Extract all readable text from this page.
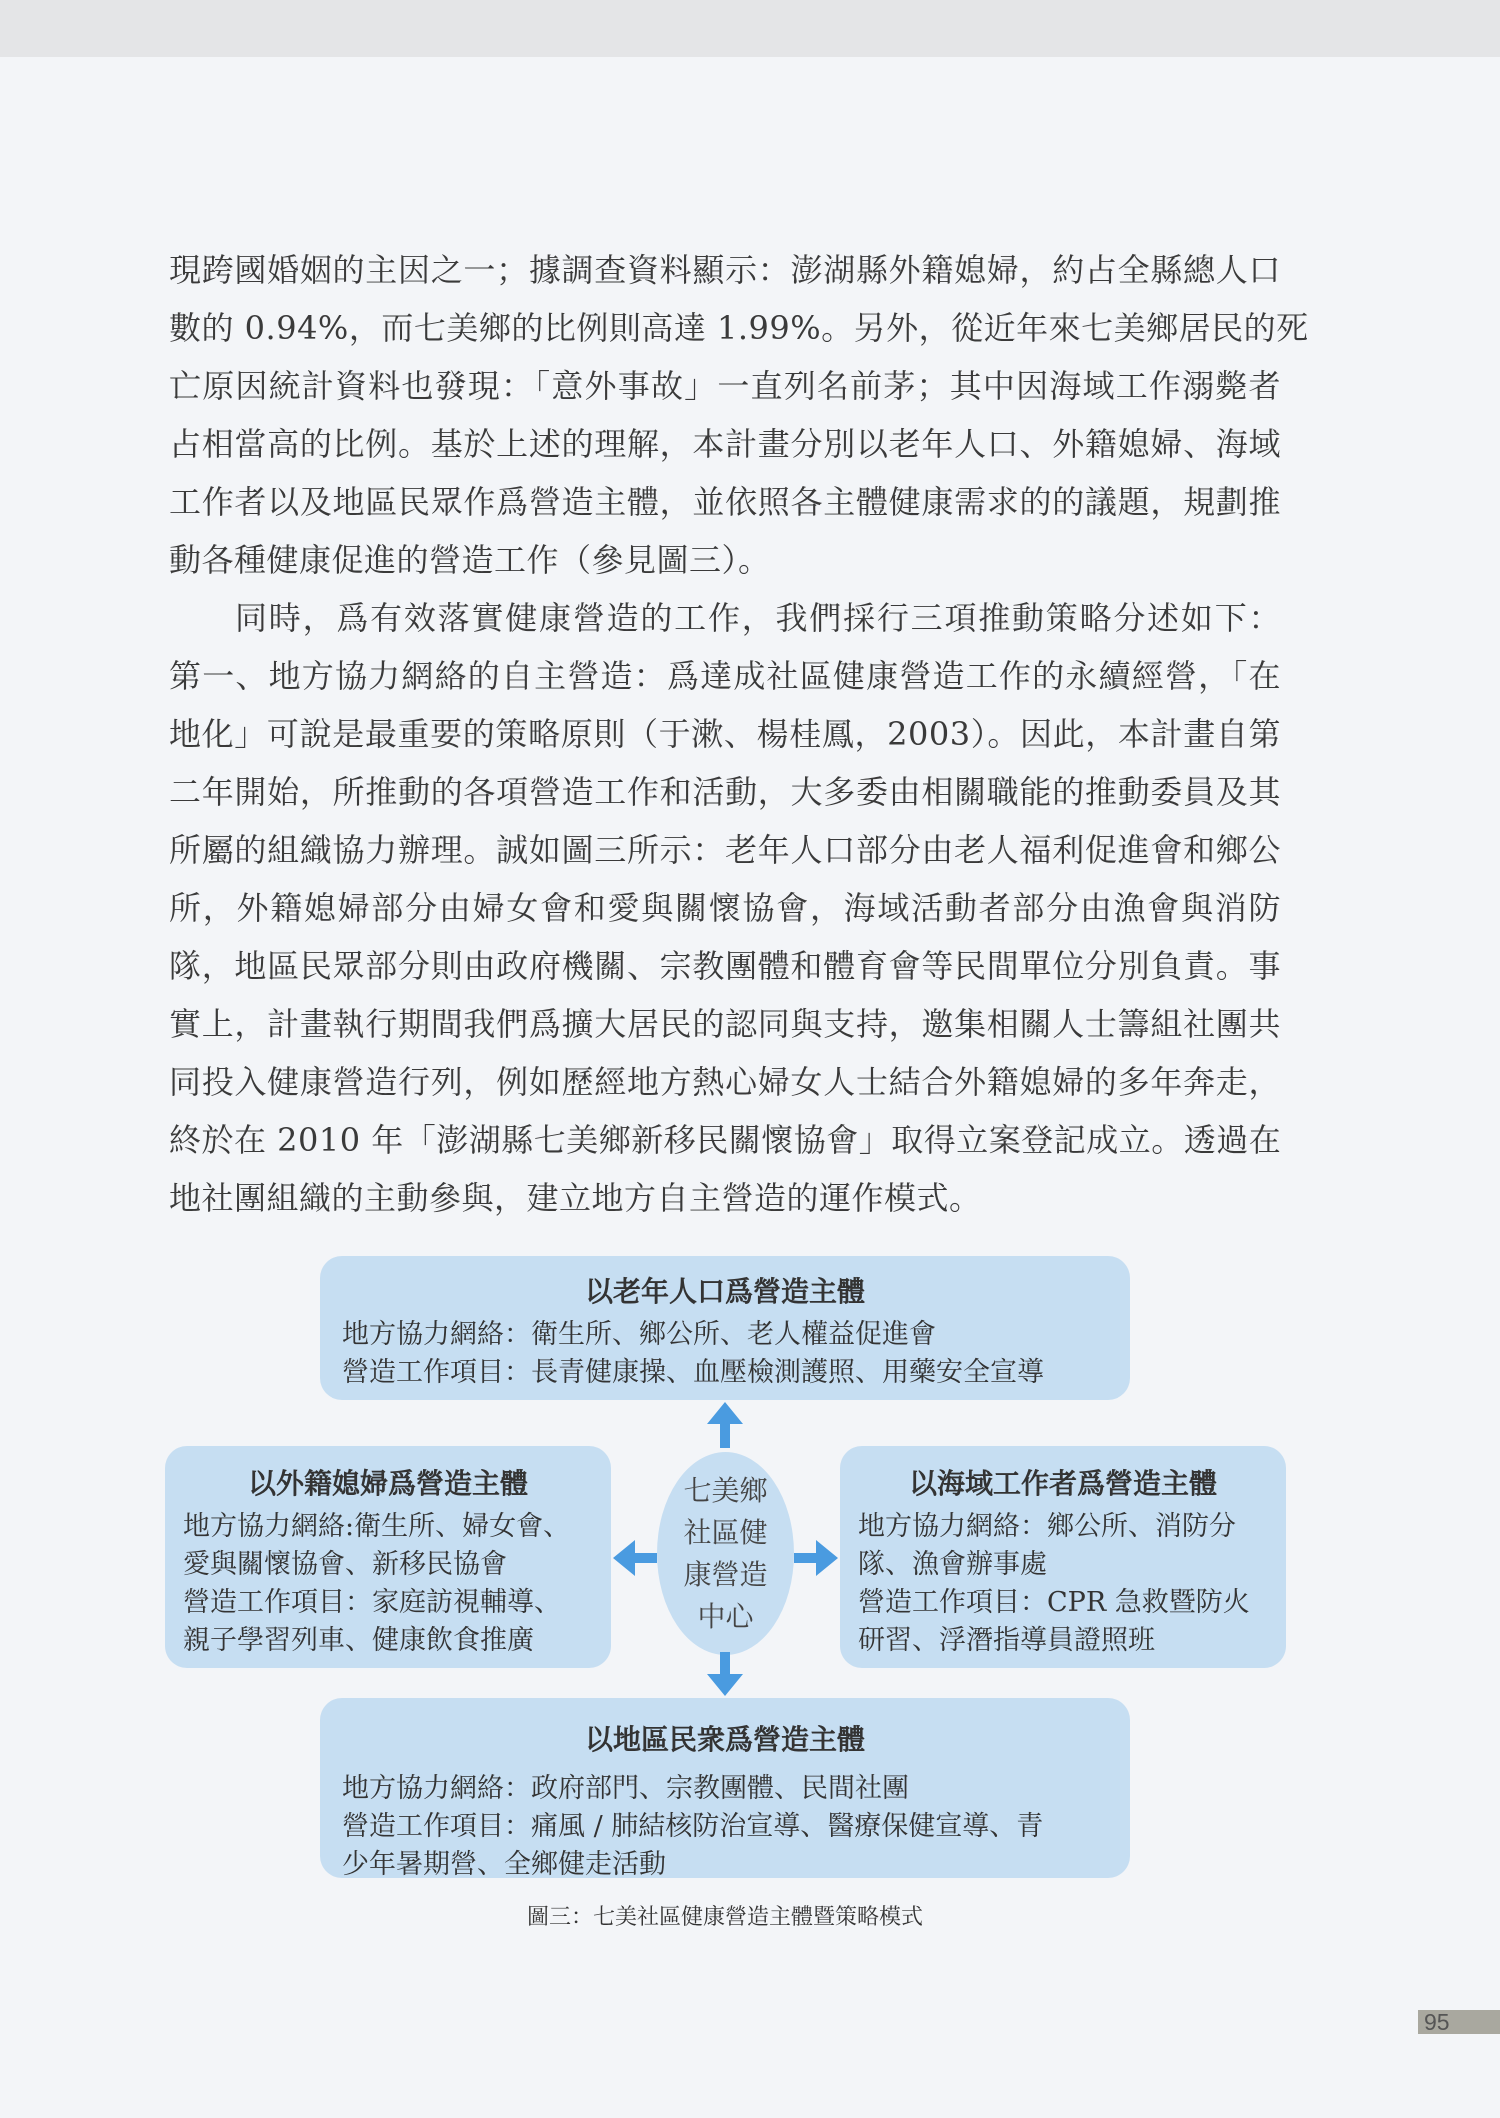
現跨國婚姻的主因之一；據調查資料顯示：澎湖縣外籍媳婦，約占全縣總人口
數的 0.94%，而七美鄉的比例則高達 1.99%。另外，從近年來七美鄉居民的死
亡原因統計資料也發現：「意外事故」一直列名前茅；其中因海域工作溺斃者
占相當高的比例。基於上述的理解，本計畫分別以老年人口、外籍媳婦、海域
工作者以及地區民眾作爲營造主體，並依照各主體健康需求的的議題，規劃推
動各種健康促進的營造工作（參見圖三）。
同時，爲有效落實健康營造的工作，我們採行三項推動策略分述如下：
第一、地方協力網絡的自主營造：爲達成社區健康營造工作的永續經營，「在
地化」可說是最重要的策略原則（于漱、楊桂鳳，2003）。因此，本計畫自第
二年開始，所推動的各項營造工作和活動，大多委由相關職能的推動委員及其
所屬的組織協力辦理。誠如圖三所示：老年人口部分由老人福利促進會和鄉公
所，外籍媳婦部分由婦女會和愛與關懷協會，海域活動者部分由漁會與消防
隊，地區民眾部分則由政府機關、宗教團體和體育會等民間單位分別負責。事
實上，計畫執行期間我們爲擴大居民的認同與支持，邀集相關人士籌組社團共
同投入健康營造行列，例如歷經地方熱心婦女人士結合外籍媳婦的多年奔走，
終於在 2010 年「澎湖縣七美鄉新移民關懷協會」取得立案登記成立。透過在
地社團組織的主動參與，建立地方自主營造的運作模式。
以老年人口爲營造主體
地方協力網絡：衛生所、鄉公所、老人權益促進會
營造工作項目：長青健康操、血壓檢測護照、用藥安全宣導
以外籍媳婦爲營造主體
地方協力網絡:衛生所、婦女會、
愛與關懷協會、新移民協會
營造工作項目：家庭訪視輔導、
親子學習列車、健康飲食推廣
以海域工作者爲營造主體
地方協力網絡：鄉公所、消防分
隊、漁會辦事處
營造工作項目：CPR 急救暨防火
研習、浮潛指導員證照班
以地區民衆爲營造主體
地方協力網絡：政府部門、宗教團體、民間社團
營造工作項目：痛風 / 肺結核防治宣導、醫療保健宣導、青
少年暑期營、全鄉健走活動
七美鄉
社區健
康營造
中心
圖三：七美社區健康營造主體暨策略模式
95
